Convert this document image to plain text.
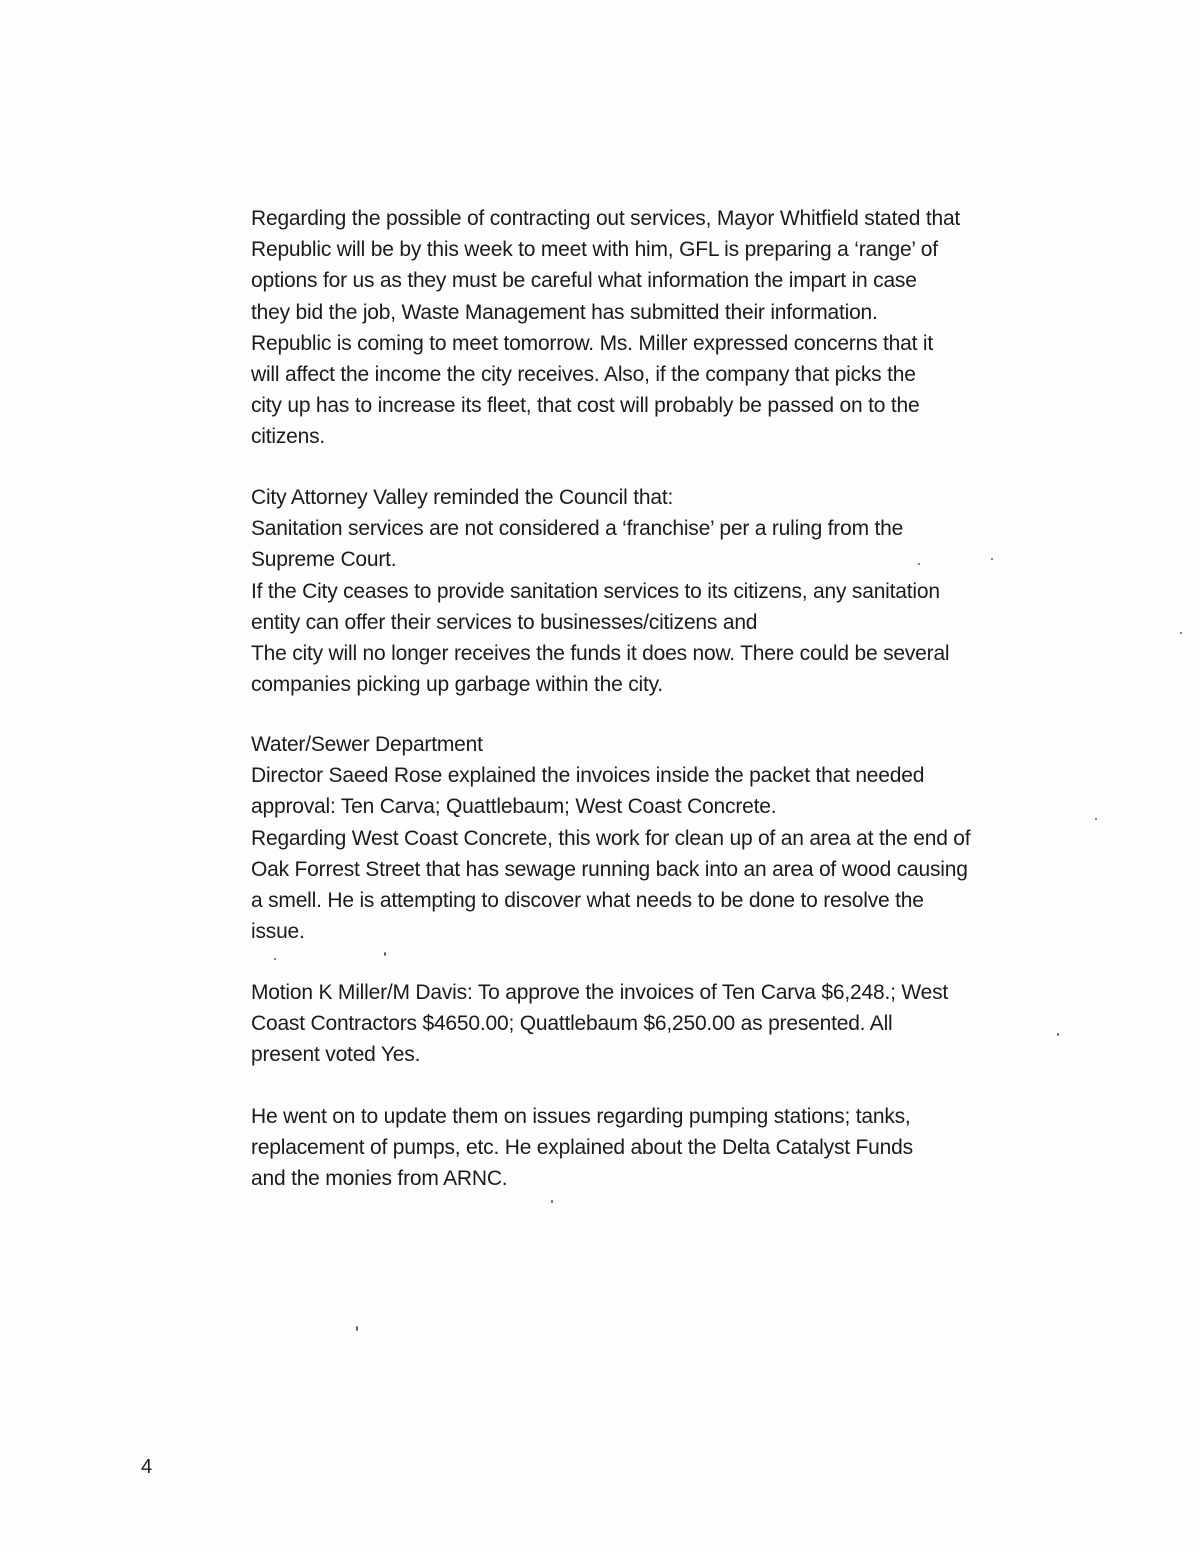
Regarding the possible of contracting out services, Mayor Whitfield stated that
Republic will be by this week to meet with him, GFL is preparing a ‘range’ of
options for us as they must be careful what information the impart in case
they bid the job, Waste Management has submitted their information.
Republic is coming to meet tomorrow. Ms. Miller expressed concerns that it
will affect the income the city receives. Also, if the company that picks the
city up has to increase its fleet, that cost will probably be passed on to the
citizens.
City Attorney Valley reminded the Council that:
Sanitation services are not considered a ‘franchise’ per a ruling from the
Supreme Court.
If the City ceases to provide sanitation services to its citizens, any sanitation
entity can offer their services to businesses/citizens and
The city will no longer receives the funds it does now. There could be several
companies picking up garbage within the city.
Water/Sewer Department
Director Saeed Rose explained the invoices inside the packet that needed
approval: Ten Carva; Quattlebaum; West Coast Concrete.
Regarding West Coast Concrete, this work for clean up of an area at the end of
Oak Forrest Street that has sewage running back into an area of wood causing
a smell. He is attempting to discover what needs to be done to resolve the
issue.
Motion K Miller/M Davis: To approve the invoices of Ten Carva $6,248.; West
Coast Contractors $4650.00; Quattlebaum $6,250.00 as presented. All
present voted Yes.
He went on to update them on issues regarding pumping stations; tanks,
replacement of pumps, etc. He explained about the Delta Catalyst Funds
and the monies from ARNC.
4
